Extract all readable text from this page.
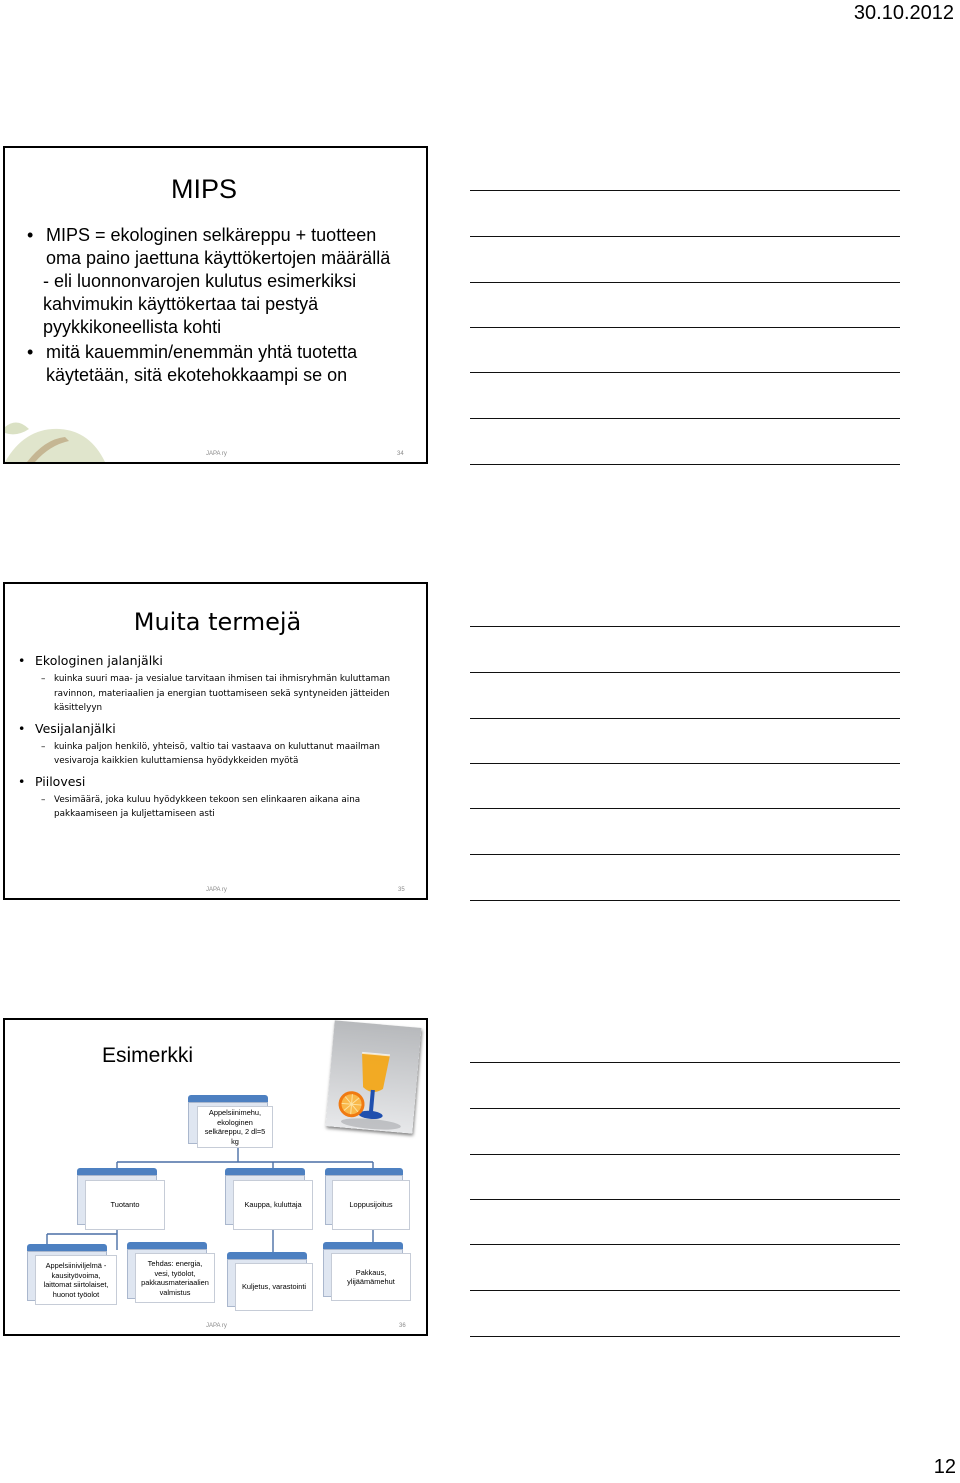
30.10.2012
MIPS
• MIPS = ekologinen selkäreppu + tuotteen oma paino jaettuna käyttökertojen määrällä
- eli luonnonvarojen kulutus esimerkiksi kahvimukin käyttökertaa tai pestyä pyykkikoneellista kohti
• mitä kauemmin/enemmän yhtä tuotetta käytetään, sitä ekotehokkaampi se on
JAPA ry	34
Muita termejä
• Ekologinen jalanjälki
– kuinka suuri maa- ja vesialue tarvitaan ihmisen tai ihmisryhmän kuluttaman ravinnon, materiaalien ja energian tuottamiseen sekä syntyneiden jätteiden käsittelyyn
• Vesijalanjälki
– kuinka paljon henkilö, yhteisö, valtio tai vastaava on kuluttanut maailman vesivaroja kaikkien kuluttamiensa hyödykkeiden myötä
• Piilovesi
– Vesimäärä, joka kuluu hyödykkeen tekoon sen elinkaaren aikana aina pakkaamiseen ja kuljettamiseen asti
JAPA ry	35
Esimerkki
Appelsiinimehu, ekologinen selkäreppu, 2 dl=5 kg
Tuotanto	Kauppa, kuluttaja	Loppusijoitus
Appelsiiniviljelmä - kausityövoima, laittomat siirtolaiset, huonot työolot
Tehdas: energia, vesi, työolot, pakkausmateriaalien valmistus
Kuljetus, varastointi
Pakkaus, ylijäämämehut
JAPA ry	36
12
